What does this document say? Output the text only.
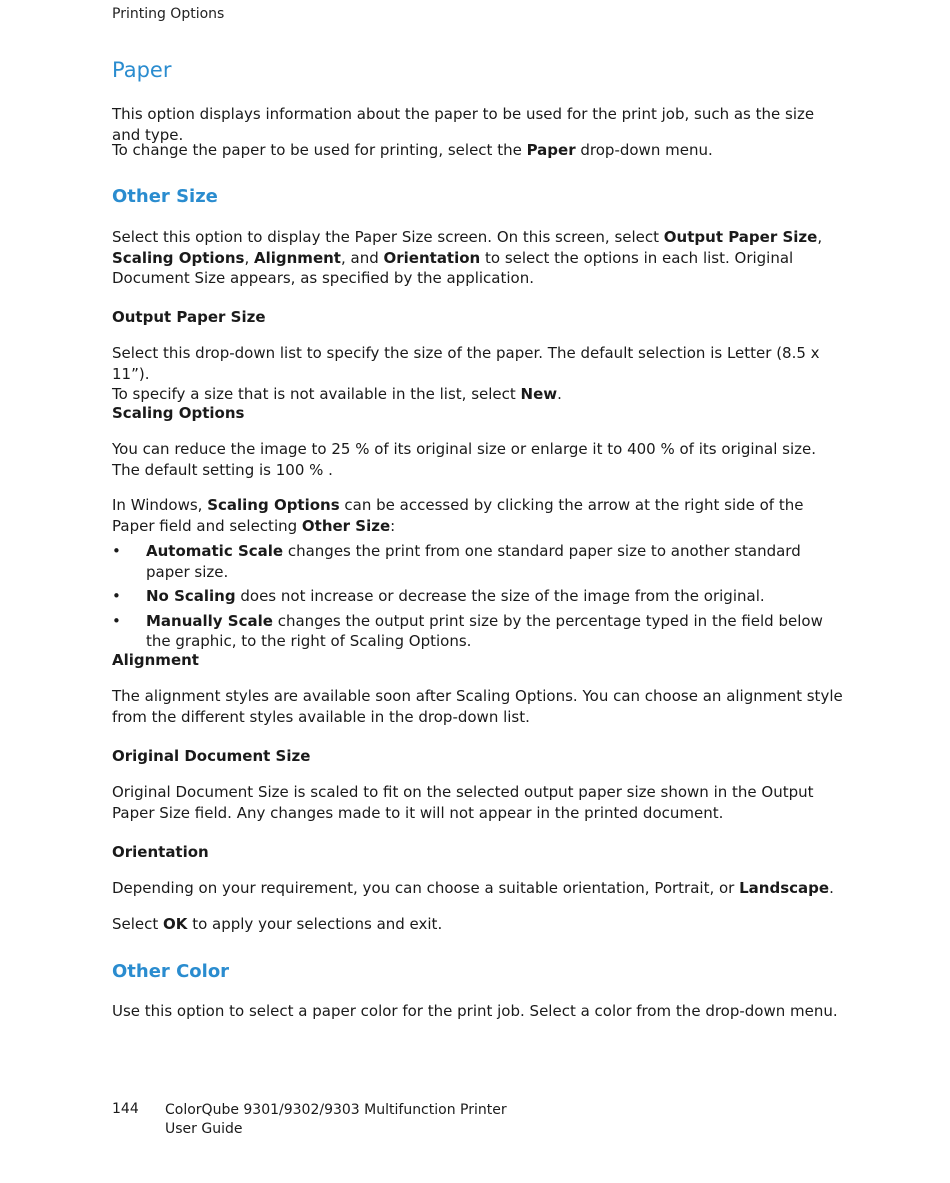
Printing Options
Paper

This option displays information about the paper to be used for the print job, such as the size and type.

To change the paper to be used for printing, select the Paper drop-down menu.

Other Size

Select this option to display the Paper Size screen. On this screen, select Output Paper Size, Scaling Options, Alignment, and Orientation to select the options in each list. Original Document Size appears, as specified by the application.

Output Paper Size

Select this drop-down list to specify the size of the paper. The default selection is Letter (8.5 x 11”).
To specify a size that is not available in the list, select New.

Scaling Options

You can reduce the image to 25 % of its original size or enlarge it to 400 % of its original size. The default setting is 100 % .

In Windows, Scaling Options can be accessed by clicking the arrow at the right side of the Paper field and selecting Other Size:

• Automatic Scale changes the print from one standard paper size to another standard paper size.
• No Scaling does not increase or decrease the size of the image from the original.
• Manually Scale changes the output print size by the percentage typed in the field below the graphic, to the right of Scaling Options.
Alignment

The alignment styles are available soon after Scaling Options. You can choose an alignment style from the different styles available in the drop-down list.

Original Document Size

Original Document Size is scaled to fit on the selected output paper size shown in the Output Paper Size field. Any changes made to it will not appear in the printed document.

Orientation

Depending on your requirement, you can choose a suitable orientation, Portrait, or Landscape.

Select OK to apply your selections and exit.

Other Color

Use this option to select a paper color for the print job. Select a color from the drop-down menu.

144 ColorQube 9301/9302/9303 Multifunction Printer
User Guide
